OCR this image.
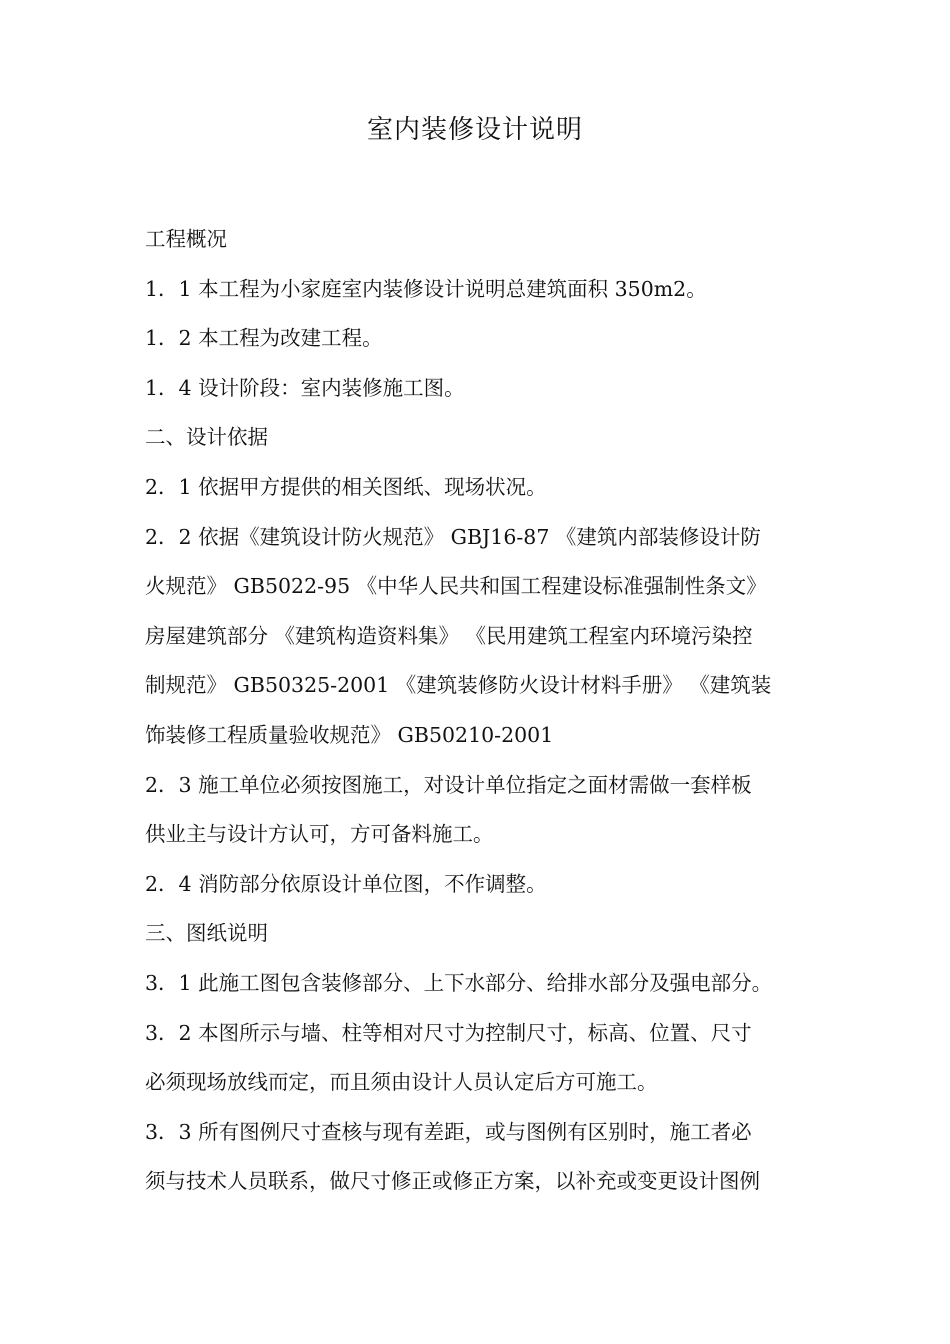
室内装修设计说明
工程概况
1．1 本工程为小家庭室内装修设计说明总建筑面积 350m2。
1．2 本工程为改建工程。
1．4 设计阶段：室内装修施工图。
二、设计依据
2．1 依据甲方提供的相关图纸、现场状况。
2．2 依据《建筑设计防火规范》 GBJ16-87 《建筑内部装修设计防
火规范》 GB5022-95 《中华人民共和国工程建设标准强制性条文》
房屋建筑部分 《建筑构造资料集》 《民用建筑工程室内环境污染控
制规范》 GB50325-2001 《建筑装修防火设计材料手册》 《建筑装
饰装修工程质量验收规范》 GB50210-2001
2．3 施工单位必须按图施工，对设计单位指定之面材需做一套样板
供业主与设计方认可，方可备料施工。
2．4 消防部分依原设计单位图，不作调整。
三、图纸说明
3．1 此施工图包含装修部分、上下水部分、给排水部分及强电部分。
3．2 本图所示与墙、柱等相对尺寸为控制尺寸，标高、位置、尺寸
必须现场放线而定，而且须由设计人员认定后方可施工。
3．3 所有图例尺寸查核与现有差距，或与图例有区别时，施工者必
须与技术人员联系，做尺寸修正或修正方案，以补充或变更设计图例
